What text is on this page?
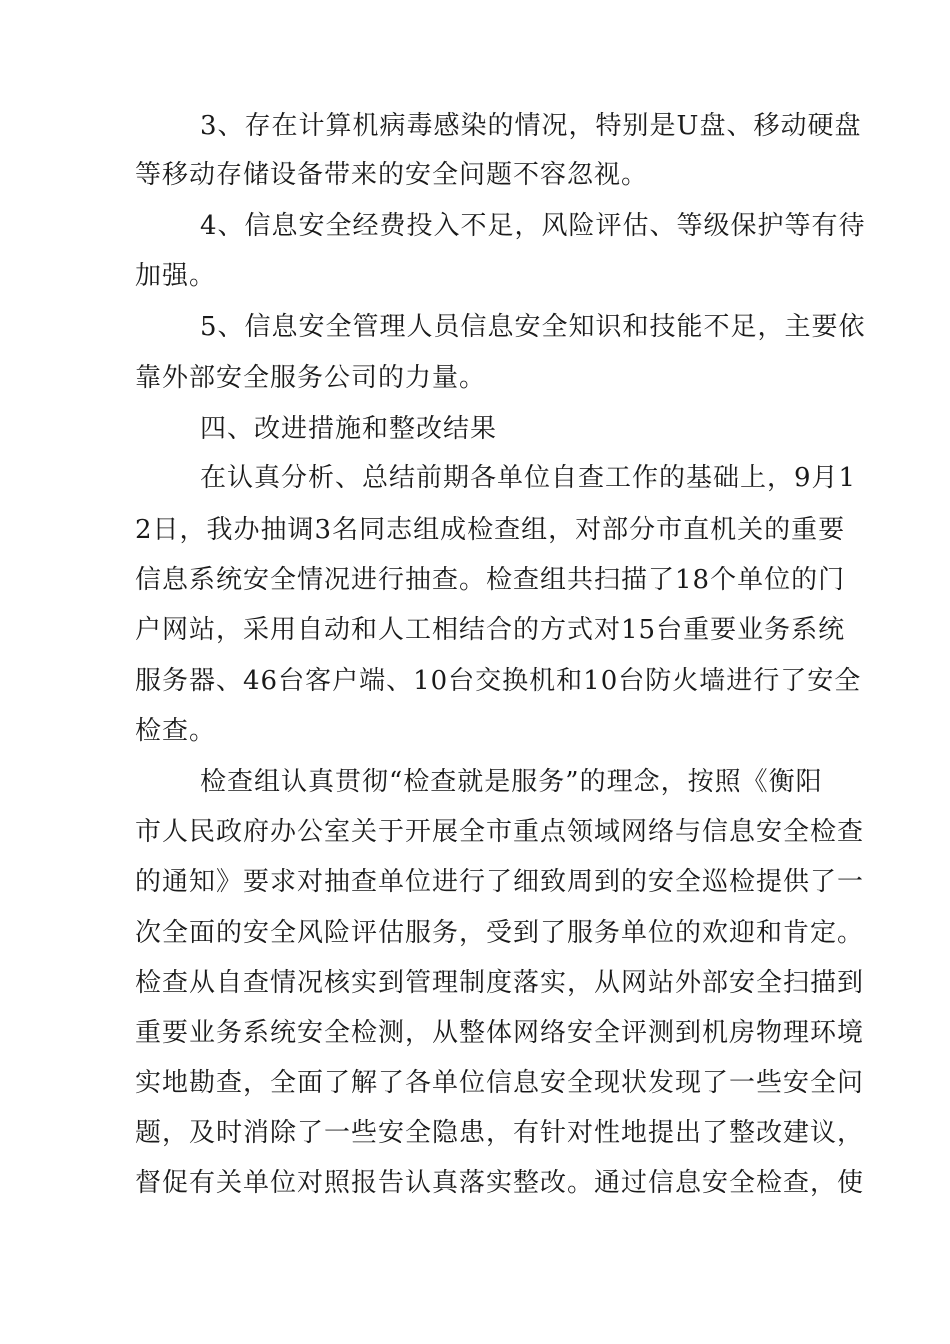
3、存在计算机病毒感染的情况，特别是U盘、移动硬盘
等移动存储设备带来的安全问题不容忽视。
4、信息安全经费投入不足，风险评估、等级保护等有待
加强。
5、信息安全管理人员信息安全知识和技能不足，主要依
靠外部安全服务公司的力量。
四、改进措施和整改结果
在认真分析、总结前期各单位自查工作的基础上，9月1
2日，我办抽调3名同志组成检查组，对部分市直机关的重要
信息系统安全情况进行抽查。检查组共扫描了18个单位的门
户网站，采用自动和人工相结合的方式对15台重要业务系统
服务器、46台客户端、10台交换机和10台防火墙进行了安全
检查。
检查组认真贯彻“检查就是服务”的理念，按照《衡阳
市人民政府办公室关于开展全市重点领域网络与信息安全检查
的通知》要求对抽查单位进行了细致周到的安全巡检提供了一
次全面的安全风险评估服务，受到了服务单位的欢迎和肯定。
检查从自查情况核实到管理制度落实，从网站外部安全扫描到
重要业务系统安全检测，从整体网络安全评测到机房物理环境
实地勘查，全面了解了各单位信息安全现状发现了一些安全问
题，及时消除了一些安全隐患，有针对性地提出了整改建议，
督促有关单位对照报告认真落实整改。通过信息安全检查，使
